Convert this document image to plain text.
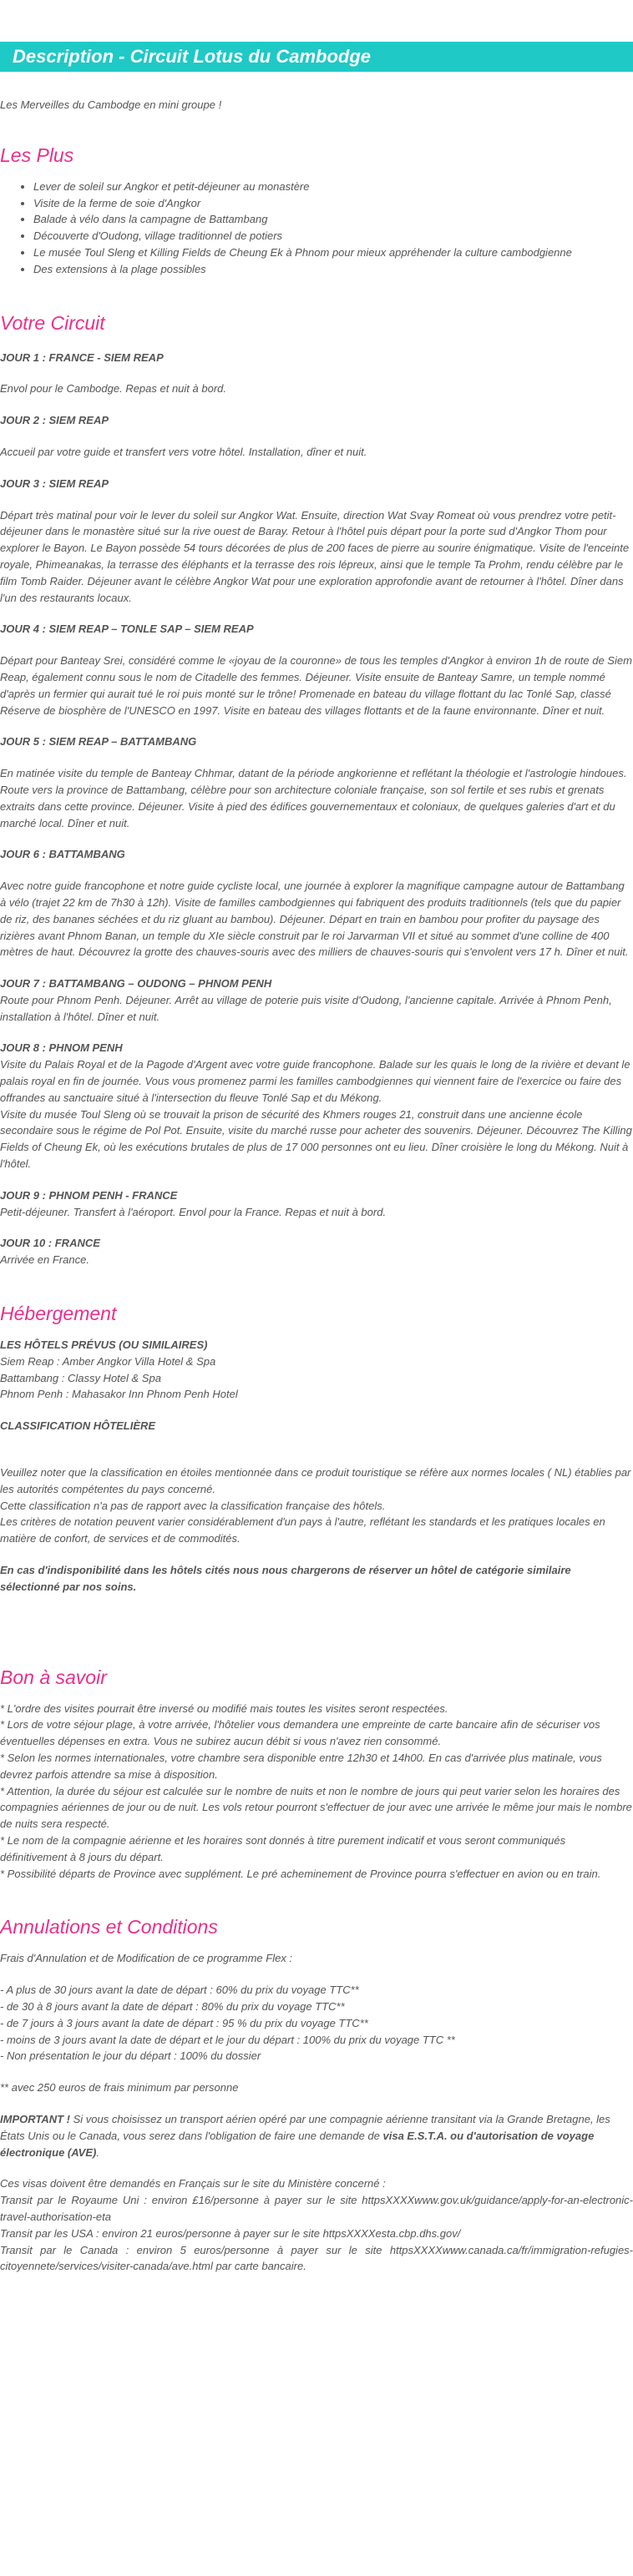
Description - Circuit Lotus du Cambodge

Les Merveilles du Cambodge en mini groupe !

Les Plus
• Lever de soleil sur Angkor et petit-déjeuner au monastère
• Visite de la ferme de soie d'Angkor
• Balade à vélo dans la campagne de Battambang
• Découverte d'Oudong, village traditionnel de potiers
• Le musée Toul Sleng et Killing Fields de Cheung Ek à Phnom pour mieux appréhender la culture cambodgienne
• Des extensions à la plage possibles
Votre Circuit

JOUR 1 : FRANCE - SIEM REAP

Envol pour le Cambodge. Repas et nuit à bord.

JOUR 2 : SIEM REAP

Accueil par votre guide et transfert vers votre hôtel. Installation, dîner et nuit.

JOUR 3 : SIEM REAP

Départ très matinal pour voir le lever du soleil sur Angkor Wat. Ensuite, direction Wat Svay Romeat où vous prendrez votre petit-déjeuner dans le monastère situé sur la rive ouest de Baray. Retour à l'hôtel puis départ pour la porte sud d'Angkor Thom pour explorer le Bayon. Le Bayon possède 54 tours décorées de plus de 200 faces de pierre au sourire énigmatique. Visite de l'enceinte royale, Phimeanakas, la terrasse des éléphants et la terrasse des rois lépreux, ainsi que le temple Ta Prohm, rendu célèbre par le film Tomb Raider. Déjeuner avant le célèbre Angkor Wat pour une exploration approfondie avant de retourner à l'hôtel. Dîner dans l'un des restaurants locaux.

JOUR 4 : SIEM REAP – TONLE SAP – SIEM REAP

Départ pour Banteay Srei, considéré comme le «joyau de la couronne» de tous les temples d'Angkor à environ 1h de route de Siem Reap, également connu sous le nom de Citadelle des femmes. Déjeuner. Visite ensuite de Banteay Samre, un temple nommé d'après un fermier qui aurait tué le roi puis monté sur le trône! Promenade en bateau du village flottant du lac Tonlé Sap, classé Réserve de biosphère de l'UNESCO en 1997. Visite en bateau des villages flottants et de la faune environnante. Dîner et nuit.

JOUR 5 : SIEM REAP – BATTAMBANG

En matinée visite du temple de Banteay Chhmar, datant de la période angkorienne et reflétant la théologie et l'astrologie hindoues.

Route vers la province de Battambang, célèbre pour son architecture coloniale française, son sol fertile et ses rubis et grenats extraits dans cette province. Déjeuner. Visite à pied des édifices gouvernementaux et coloniaux, de quelques galeries d'art et du marché local. Dîner et nuit.

JOUR 6 : BATTAMBANG

Avec notre guide francophone et notre guide cycliste local, une journée à explorer la magnifique campagne autour de Battambang à vélo (trajet 22 km de 7h30 à 12h). Visite de familles cambodgiennes qui fabriquent des produits traditionnels (tels que du papier de riz, des bananes séchées et du riz gluant au bambou). Déjeuner. Départ en train en bambou pour profiter du paysage des rizières avant Phnom Banan, un temple du XIe siècle construit par le roi Jarvarman VII et situé au sommet d'une colline de 400 mètres de haut. Découvrez la grotte des chauves-souris avec des milliers de chauves-souris qui s'envolent vers 17 h. Dîner et nuit.

JOUR 7 : BATTAMBANG – OUDONG – PHNOM PENH

Route pour Phnom Penh. Déjeuner. Arrêt au village de poterie puis visite d'Oudong, l'ancienne capitale. Arrivée à Phnom Penh, installation à l'hôtel. Dîner et nuit.

JOUR 8 : PHNOM PENH

Visite du Palais Royal et de la Pagode d'Argent avec votre guide francophone. Balade sur les quais le long de la rivière et devant le palais royal en fin de journée. Vous vous promenez parmi les familles cambodgiennes qui viennent faire de l'exercice ou faire des offrandes au sanctuaire situé à l'intersection du fleuve Tonlé Sap et du Mékong.

Visite du musée Toul Sleng où se trouvait la prison de sécurité des Khmers rouges 21, construit dans une ancienne école secondaire sous le régime de Pol Pot. Ensuite, visite du marché russe pour acheter des souvenirs. Déjeuner. Découvrez The Killing Fields of Cheung Ek, où les exécutions brutales de plus de 17 000 personnes ont eu lieu. Dîner croisière le long du Mékong. Nuit à l'hôtel.

JOUR 9 : PHNOM PENH - FRANCE

Petit-déjeuner. Transfert à l'aéroport. Envol pour la France. Repas et nuit à bord.

JOUR 10 : FRANCE

Arrivée en France.

Hébergement

LES HÔTELS PRÉVUS (OU SIMILAIRES)

Siem Reap : Amber Angkor Villa Hotel & Spa

Battambang : Classy Hotel & Spa

Phnom Penh : Mahasakor Inn Phnom Penh Hotel

CLASSIFICATION HÔTELIÈRE

Veuillez noter que la classification en étoiles mentionnée dans ce produit touristique se réfère aux normes locales ( NL) établies par les autorités compétentes du pays concerné.

Cette classification n'a pas de rapport avec la classification française des hôtels.

Les critères de notation peuvent varier considérablement d'un pays à l'autre, reflétant les standards et les pratiques locales en matière de confort, de services et de commodités.

En cas d'indisponibilité dans les hôtels cités nous nous chargerons de réserver un hôtel de catégorie similaire sélectionné par nos soins.

Bon à savoir

* L'ordre des visites pourrait être inversé ou modifié mais toutes les visites seront respectées.

* Lors de votre séjour plage, à votre arrivée, l'hôtelier vous demandera une empreinte de carte bancaire afin de sécuriser vos éventuelles dépenses en extra. Vous ne subirez aucun débit si vous n'avez rien consommé.

* Selon les normes internationales, votre chambre sera disponible entre 12h30 et 14h00. En cas d'arrivée plus matinale, vous devrez parfois attendre sa mise à disposition.

* Attention, la durée du séjour est calculée sur le nombre de nuits et non le nombre de jours qui peut varier selon les horaires des compagnies aériennes de jour ou de nuit. Les vols retour pourront s'effectuer de jour avec une arrivée le même jour mais le nombre de nuits sera respecté.

* Le nom de la compagnie aérienne et les horaires sont donnés à titre purement indicatif et vous seront communiqués définitivement à 8 jours du départ.

* Possibilité départs de Province avec supplément. Le pré acheminement de Province pourra s'effectuer en avion ou en train.

Annulations et Conditions

Frais d'Annulation et de Modification de ce programme Flex :

- A plus de 30 jours avant la date de départ : 60% du prix du voyage TTC**

- de 30 à 8 jours avant la date de départ : 80% du prix du voyage TTC**

- de 7 jours à 3 jours avant la date de départ : 95 % du prix du voyage TTC**

- moins de 3 jours avant la date de départ et le jour du départ : 100% du prix du voyage TTC **

- Non présentation le jour du départ : 100% du dossier

** avec 250 euros de frais minimum par personne

IMPORTANT ! Si vous choisissez un transport aérien opéré par une compagnie aérienne transitant via la Grande Bretagne, les États Unis ou le Canada, vous serez dans l'obligation de faire une demande de visa E.S.T.A. ou d'autorisation de voyage électronique (AVE).

Ces visas doivent être demandés en Français sur le site du Ministère concerné :

Transit par le Royaume Uni : environ £16/personne à payer sur le site httpsXXXXwww.gov.uk/guidance/apply-for-an-electronic-travel-authorisation-eta

Transit par les USA : environ 21 euros/personne à payer sur le site httpsXXXXesta.cbp.dhs.gov/

Transit par le Canada : environ 5 euros/personne à payer sur le site httpsXXXXwww.canada.ca/fr/immigration-refugies-citoyennete/services/visiter-canada/ave.html par carte bancaire.
